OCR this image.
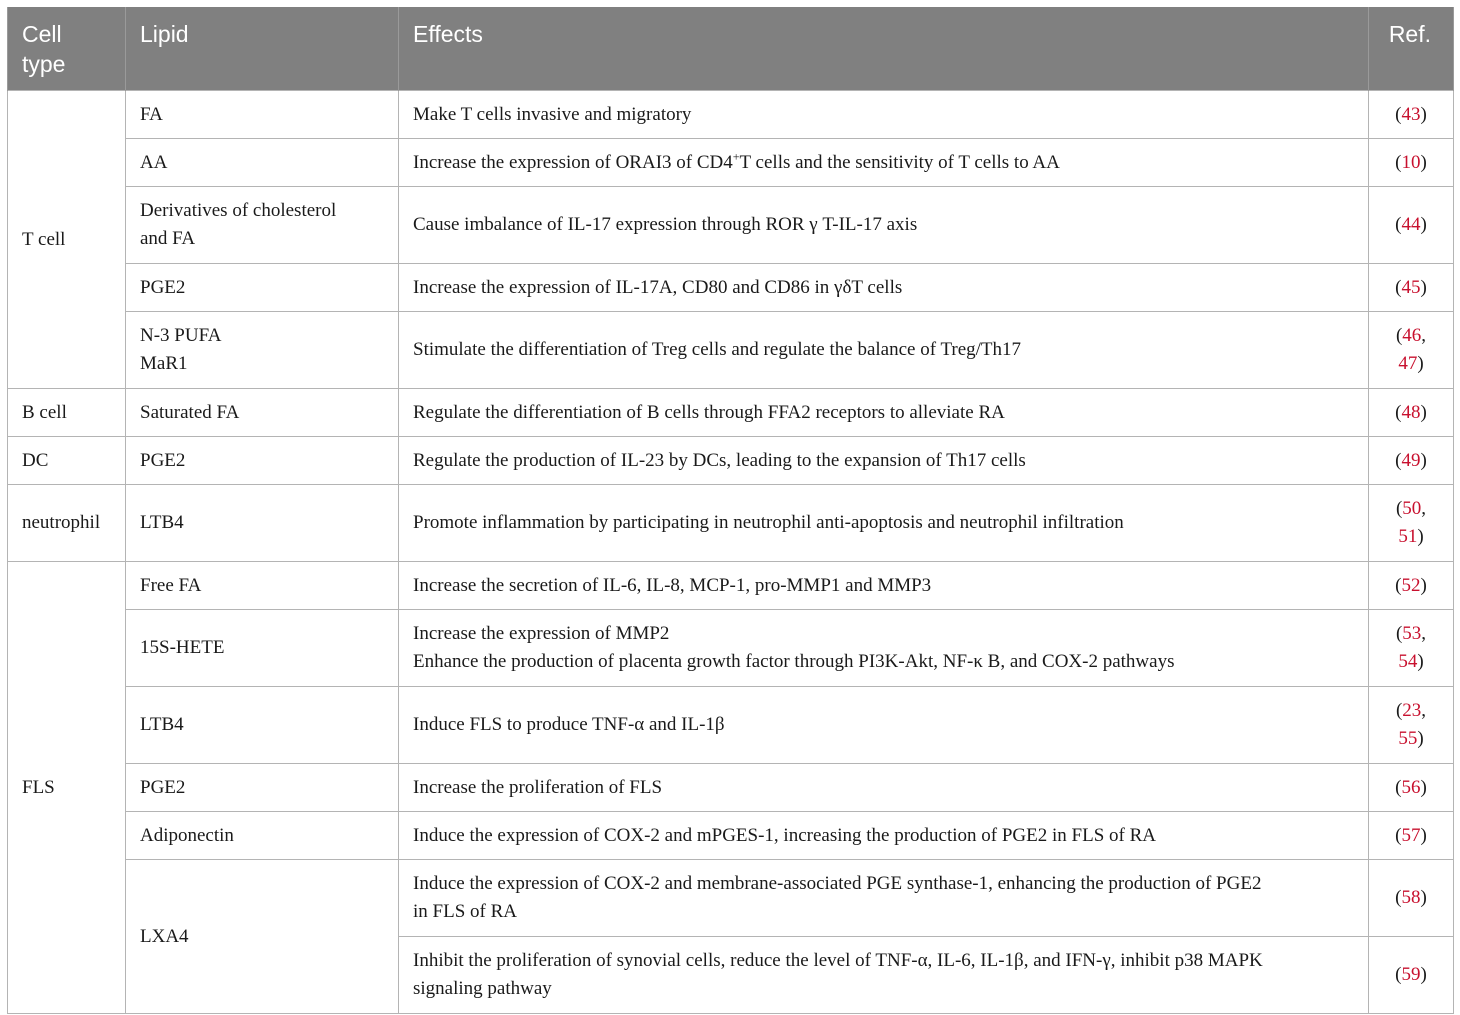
Cell
type	Lipid	Effects	Ref.
T cell	FA	Make T cells invasive and migratory	(43)
	AA	Increase the expression of ORAI3 of CD4+T cells and the sensitivity of T cells to AA	(10)

	Derivatives of cholesterol
and FA	Cause imbalance of IL-17 expression through ROR γ T-IL-17 axis	(44)
	PGE2	Increase the expression of IL-17A, CD80 and CD86 in γδT cells	(45)

	N-3 PUFA
MaR1	Stimulate the differentiation of Treg cells and regulate the balance of Treg/Th17	(46,
47)

B cell	Saturated FA	Regulate the differentiation of B cells through FFA2 receptors to alleviate RA	(48)
DC	PGE2	Regulate the production of IL-23 by DCs, leading to the expansion of Th17 cells	(49)
neutrophil	LTB4	Promote inflammation by participating in neutrophil anti-apoptosis and neutrophil infiltration	(50,
51)

FLS	Free FA	Increase the secretion of IL-6, IL-8, MCP-1, pro-MMP1 and MMP3	(52)
	15S-HETE	Increase the expression of MMP2
Enhance the production of placenta growth factor through PI3K-Akt, NF-κ B, and COX-2 pathways	(53,
54)

	LTB4	Induce FLS to produce TNF-α and IL-1β	(23,
55)

	PGE2	Increase the proliferation of FLS	(56)
	Adiponectin	Induce the expression of COX-2 and mPGES-1, increasing the production of PGE2 in FLS of RA	(57)
	LXA4	Induce the expression of COX-2 and membrane-associated PGE synthase-1, enhancing the production of PGE2
in FLS of RA	(58)

		Inhibit the proliferation of synovial cells, reduce the level of TNF-α, IL-6, IL-1β, and IFN-γ, inhibit p38 MAPK
signaling pathway	(59)
